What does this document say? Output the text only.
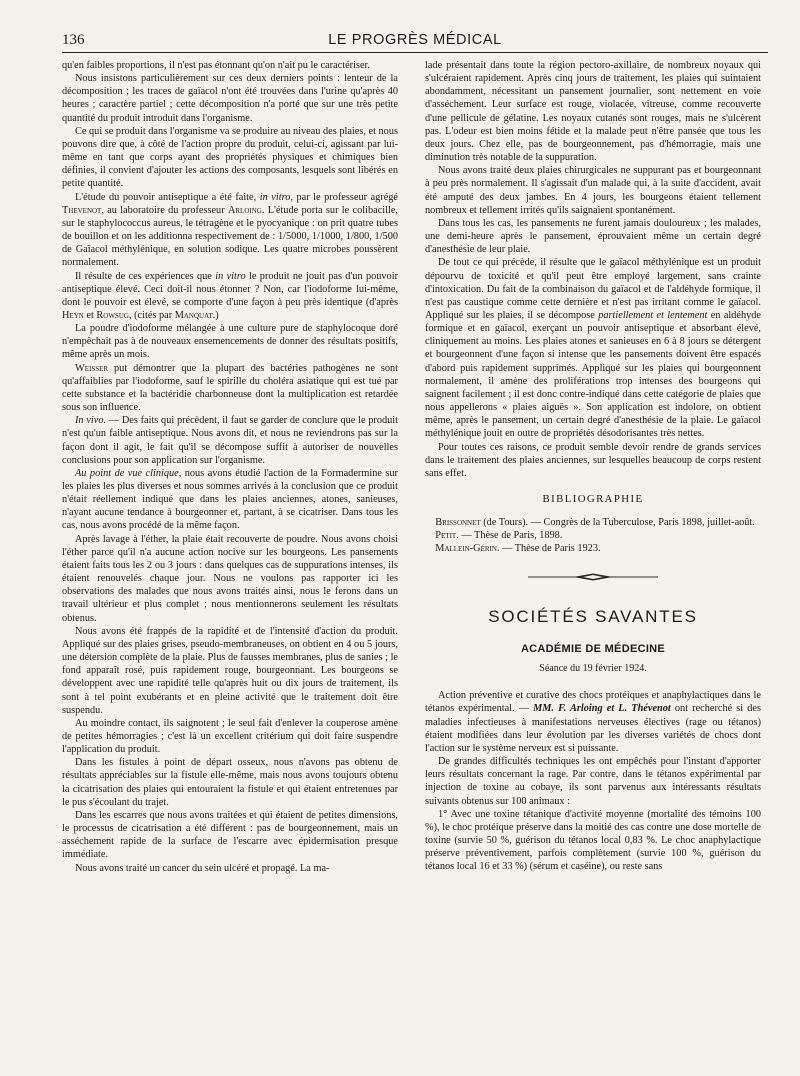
136	LE PROGRÈS MÉDICAL

qu'en faibles proportions, il n'est pas étonnant qu'on n'ait pu le caractériser.

Nous insistons particulièrement sur ces deux derniers points : lenteur de la décomposition ; les traces de gaïacol n'ont été trouvées dans l'urine qu'après 40 heures ; caractère partiel ; cette décomposition n'a porté que sur une très petite quantité du produit introduit dans l'organisme.

Ce qui se produit dans l'organisme va se produire au niveau des plaies, et nous pouvons dire que, à côté de l'action propre du produit, celui-ci, agissant par lui-même en tant que corps ayant des propriétés physiques et chimiques bien définies, il convient d'ajouter les actions des composants, lesquels sont libérés en petite quantité.

L'étude du pouvoir antiseptique a été faite, in vitro, par le professeur agrégé Thevenot, au laboratoire du professeur Arloing. L'étude porta sur le colibacille, sur le staphylococcus aureus, le tétragène et le pyocyanique : on prit quatre tubes de bouillon et on les additionna respectivement de : 1/5000, 1/1000, 1/800, 1/500 de Gaïacol méthylénique, en solution sodique. Les quatre microbes poussèrent normalement.

Il résulte de ces expériences que in vitro le produit ne jouit pas d'un pouvoir antiseptique élevé. Ceci doit-il nous étonner ? Non, car l'iodoforme lui-même, dont le pouvoir est élevé, se comporte d'une façon à peu près identique (d'après Heyn et Rowsug, (cités par Manquat.)

La poudre d'iodoforme mélangée à une culture pure de staphylocoque doré n'empêchait pas à de nouveaux ensemencements de donner des résultats positifs, même après un mois.

Weisser put démontrer que la plupart des bactéries pathogènes ne sont qu'affaiblies par l'iodoforme, sauf le spirille du choléra asiatique qui est tué par cette substance et la bactéridie charbonneuse dont la multiplication est retardée sous son influence.

In vivo. — Des faits qui précèdent, il faut se garder de conclure que le produit n'est qu'un faible antiseptique. Nous avons dit, et nous ne reviendrons pas sur la façon dont il agit, le fait qu'il se décompose suffit à autoriser de nouvelles conclusions pour son application sur l'organisme.

Au point de vue clinique, nous avons étudié l'action de la Formadermine sur les plaies les plus diverses et nous sommes arrivés à la conclusion que ce produit n'était réellement indiqué que dans les plaies anciennes, atones, sanieuses, n'ayant aucune tendance à bourgeonner et, partant, à se cicatriser. Dans tous les cas, nous avons procédé de la même façon.

Après lavage à l'éther, la plaie était recouverte de poudre. Nous avons choisi l'éther parce qu'il n'a aucune action nocive sur les bourgeons. Les pansements étaient faits tous les 2 ou 3 jours : dans quelques cas de suppurations intenses, ils étaient renouvelés chaque jour. Nous ne voulons pas rapporter ici les observations des malades que nous avons traités ainsi, nous le ferons dans un travail ultérieur et plus complet ; nous mentionnerons seulement les résultats obtenus.

Nous avons été frappés de la rapidité et de l'intensité d'action du produit. Appliqué sur des plaies grises, pseudo-membraneuses, on obtient en 4 ou 5 jours, une détersion complète de la plaie. Plus de fausses membranes, plus de sanies ; le fond apparaît rosé, puis rapidement rouge, bourgeonnant. Les bourgeons se développent avec une rapidité telle qu'après huit ou dix jours de traitement, ils sont à tel point exubérants et en pleine activité que le traitement doit être suspendu.

Au moindre contact, ils saignotent ; le seul fait d'enlever la couperose amène de petites hémorragies ; c'est là un excellent critérium qui doit faire suspendre l'application du produit.

Dans les fistules à point de départ osseux, nous n'avons pas obtenu de résultats appréciables sur la fistule elle-même, mais nous avons toujours obtenu la cicatrisation des plaies qui entouraient la fistule et qui étaient entretenues par le pus s'écoulant du trajet.

Dans les escarres que nous avons traitées et qui étaient de petites dimensions, le processus de cicatrisation a été différent : pas de bourgeonnement, mais un asséchement rapide de la surface de l'escarre avec épidermisation presque immédiate.

Nous avons traité un cancer du sein ulcéré et propagé. La ma-

lade présentait dans toute la région pectoro-axillaire, de nombreux noyaux qui s'ulcéraient rapidement. Après cinq jours de traitement, les plaies qui suintaient abondamment, nécessitant un pansement journalier, sont nettement en voie d'asséchement. Leur surface est rouge, violacée, vitreuse, comme recouverte d'une pellicule de gélatine. Les noyaux cutanés sont rouges, mais ne s'ulcèrent pas. L'odeur est bien moins fétide et la malade peut n'être pansée que tous les deux jours. Chez elle, pas de bourgeonnement, pas d'hémorragie, mais une diminution très notable de la suppuration.

Nous avons traité deux plaies chirurgicales ne suppurant pas et bourgeonnant à peu près normalement. Il s'agissait d'un malade qui, à la suite d'accident, avait été amputé des deux jambes. En 4 jours, les bourgeons étaient tellement nombreux et tellement irrités qu'ils saignaient spontanément.

Dans tous les cas, les pansements ne furent jamais douloureux ; les malades, une demi-heure après le pansement, éprouvaient même un certain degré d'anesthésie de leur plaie.

De tout ce qui précède, il résulte que le gaïacol méthylénique est un produit dépourvu de toxicité et qu'il peut être employé largement, sans crainte d'intoxication. Du fait de la combinaison du gaïacol et de l'aldéhyde formique, il n'est pas caustique comme cette dernière et n'est pas irritant comme le gaïacol. Appliqué sur les plaies, il se décompose partiellement et lentement en aldéhyde formique et en gaïacol, exerçant un pouvoir antiseptique et absorbant élevé, cliniquement au moins. Les plaies atones et sanieuses en 6 à 8 jours se détergent et bourgeonnent d'une façon si intense que les pansements doivent être espacés d'abord puis rapidement supprimés. Appliqué sur les plaies qui bourgeonnent normalement, il amène des proliférations trop intenses des bourgeons qui saignent facilement ; il est donc contre-indiqué dans cette catégorie de plaies que nous appellerons « plaies aiguës ». Son application est indolore, on obtient même, après le pansement, un certain degré d'anesthésie de la plaie. Le gaïacol méthylénique jouit en outre de propriétés désodorisantes très nettes.

Pour toutes ces raisons, ce produit semble devoir rendre de grands services dans le traitement des plaies anciennes, sur lesquelles beaucoup de corps restent sans effet.

BIBLIOGRAPHIE

 Brissonnet (de Tours). — Congrès de la Tuberculose, Paris 1898, juillet-août.

 Petit. — Thèse de Paris, 1898.

 Mallein-Gérin. — Thèse de Paris 1923.

SOCIÉTÉS SAVANTES
ACADÉMIE DE MÉDECINE
Séance du 19 février 1924.

Action préventive et curative des chocs protéiques et anaphylactiques dans le tétanos expérimental. — MM. F. Arloing et L. Thévenot ont recherché si des maladies infectieuses à manifestations nerveuses électives (rage ou tétanos) étaient modifiées dans leur évolution par les diverses variétés de chocs dont l'action sur le système nerveux est si puissante.

De grandes difficultés techniques les ont empêchés pour l'instant d'apporter leurs résultats concernant la rage. Par contre, dans le tétanos expérimental par injection de toxine au cobaye, ils sont parvenus aux intéressants résultats suivants obtenus sur 100 animaux :

1° Avec une toxine tétanique d'activité moyenne (mortalité des témoins 100 %), le choc protéique préserve dans la moitié des cas contre une dose mortelle de toxine (survie 50 %, guérison du tétanos local 0,83 %. Le choc anaphylactique préserve préventivement, parfois complètement (survie 100 %, guérison du tétanos local 16 et 33 %) (sérum et caséine), ou reste sans
